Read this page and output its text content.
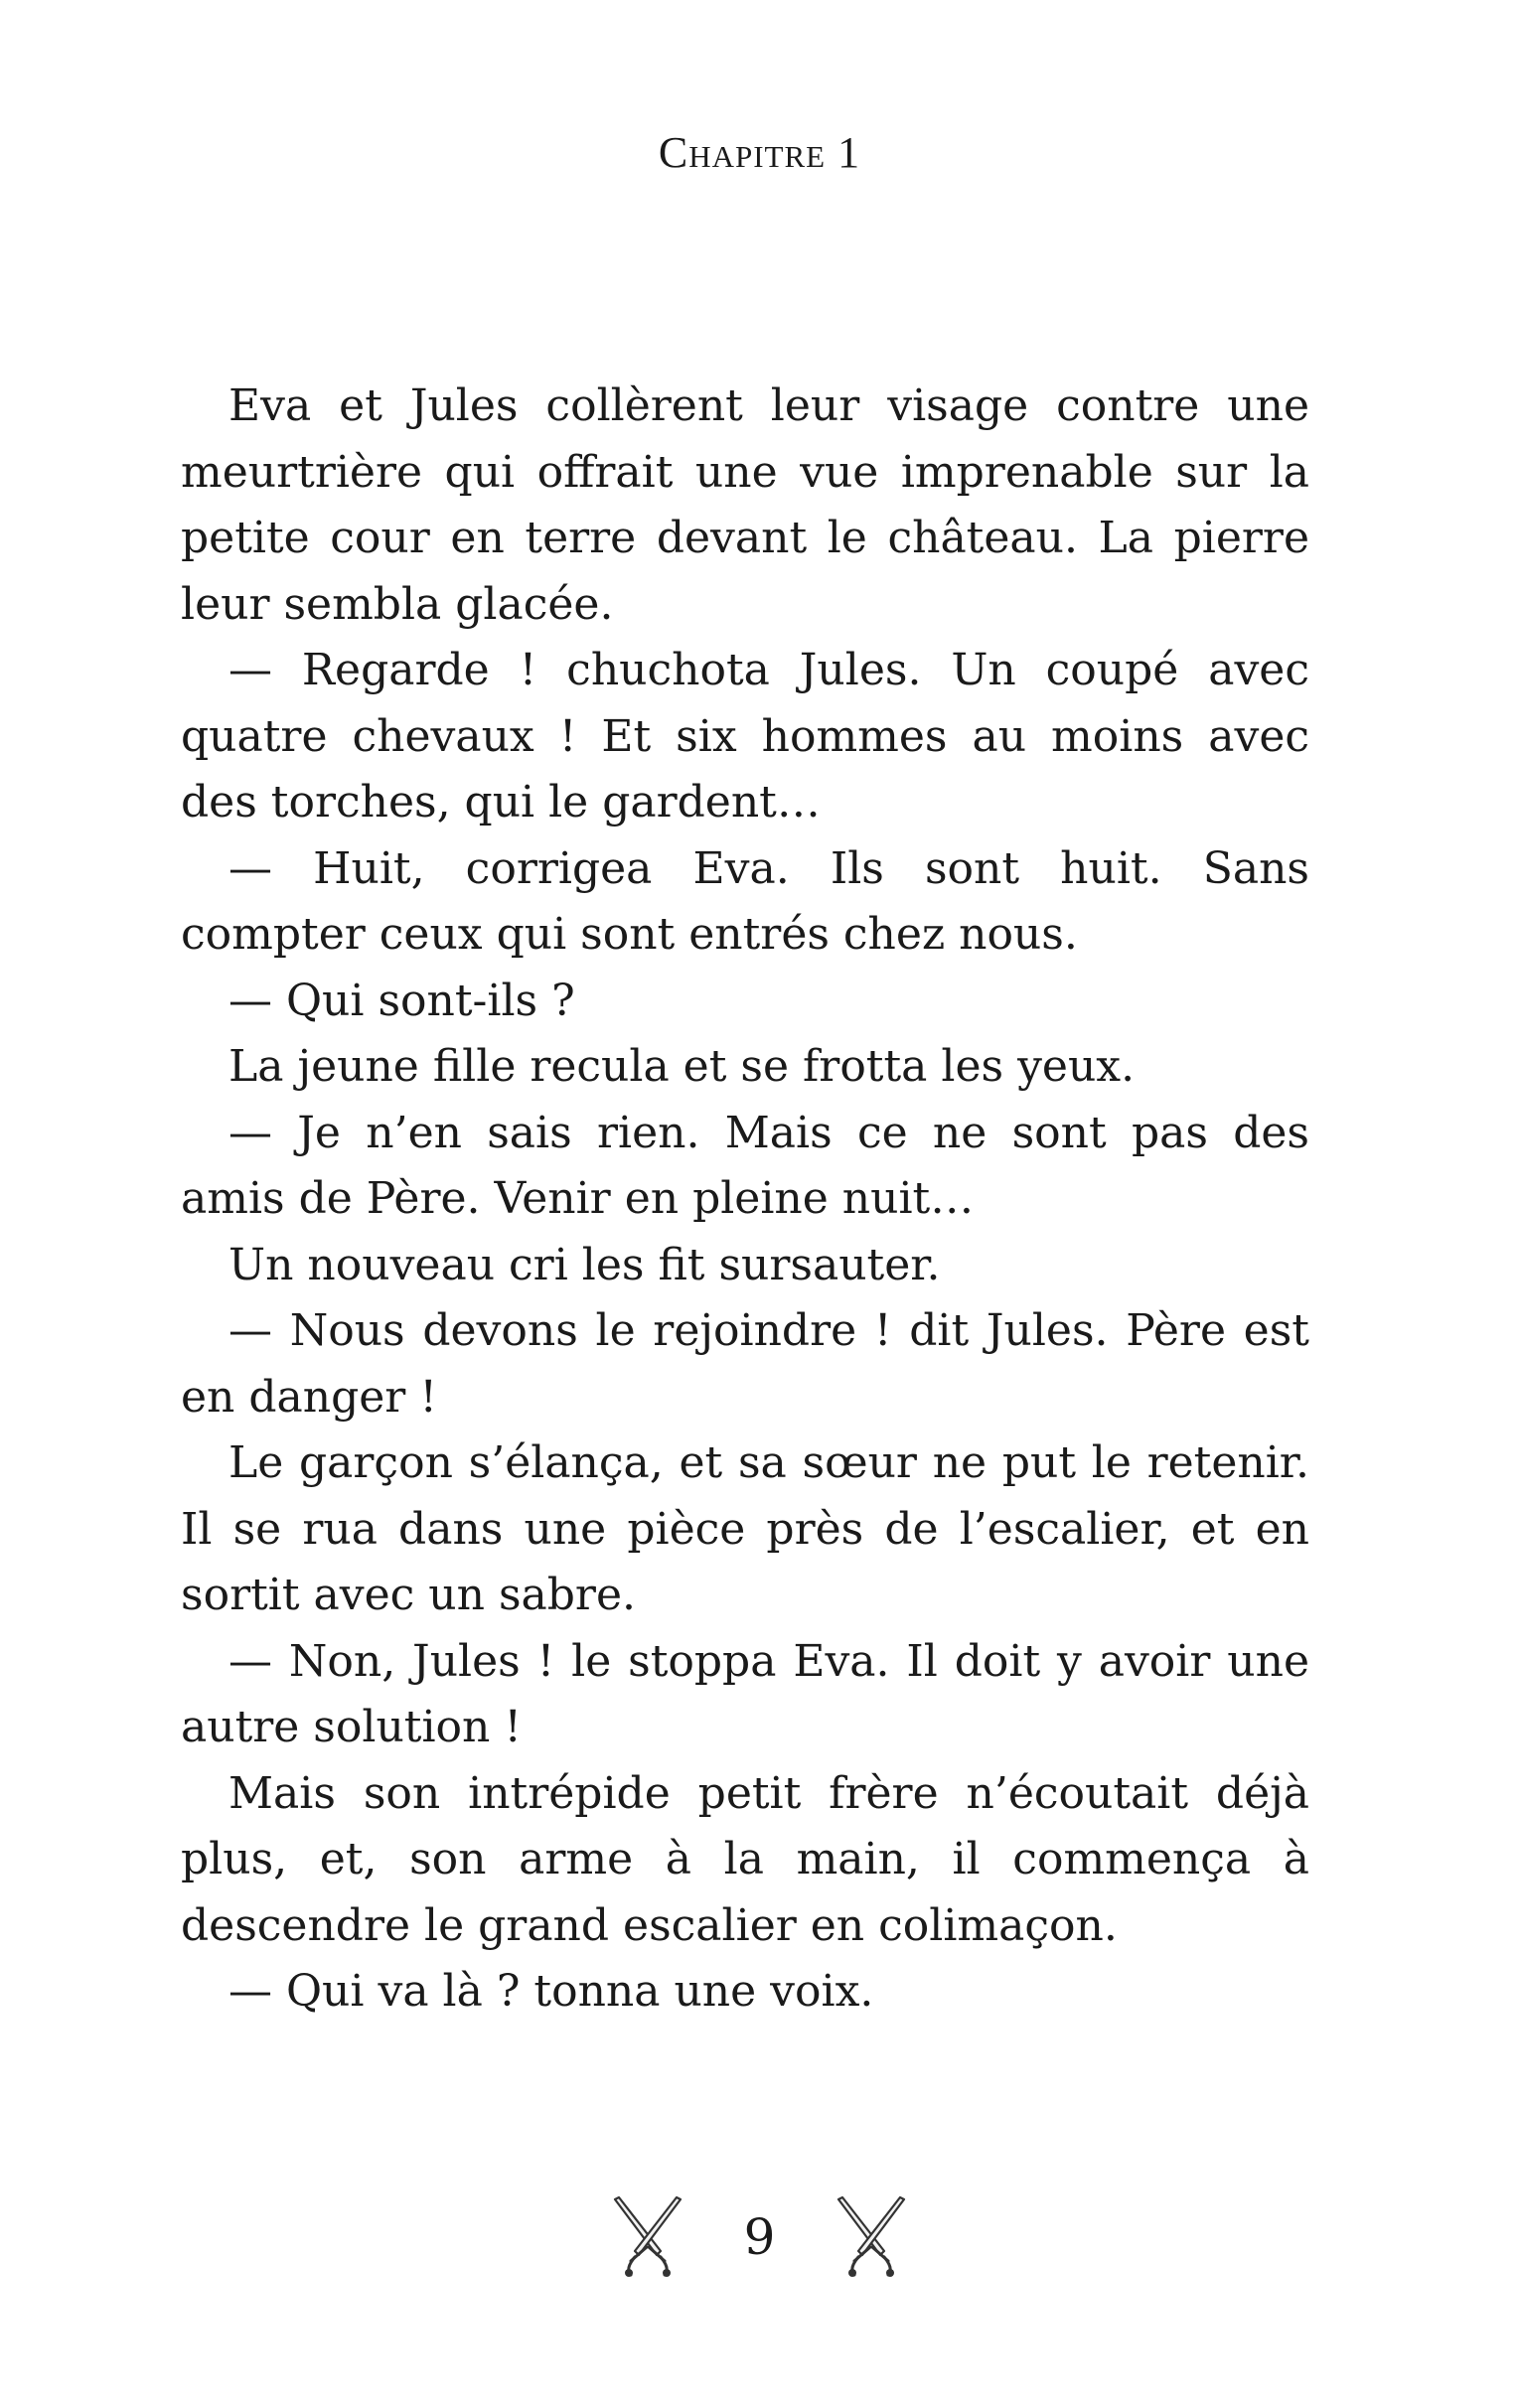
Chapitre 1

Eva et Jules collèrent leur visage contre une meurtrière qui offrait une vue imprenable sur la petite cour en terre devant le château. La pierre leur sembla glacée.

— Regarde ! chuchota Jules. Un coupé avec quatre chevaux ! Et six hommes au moins avec des torches, qui le gardent…

— Huit, corrigea Eva. Ils sont huit. Sans compter ceux qui sont entrés chez nous.

— Qui sont-ils ?

La jeune fille recula et se frotta les yeux.

— Je n’en sais rien. Mais ce ne sont pas des amis de Père. Venir en pleine nuit…

Un nouveau cri les fit sursauter.

— Nous devons le rejoindre ! dit Jules. Père est en danger !

Le garçon s’élança, et sa sœur ne put le retenir. Il se rua dans une pièce près de l’escalier, et en sortit avec un sabre.

— Non, Jules ! le stoppa Eva. Il doit y avoir une autre solution !

Mais son intrépide petit frère n’écoutait déjà plus, et, son arme à la main, il commença à descendre le grand escalier en colimaçon.

— Qui va là ? tonna une voix.

9
